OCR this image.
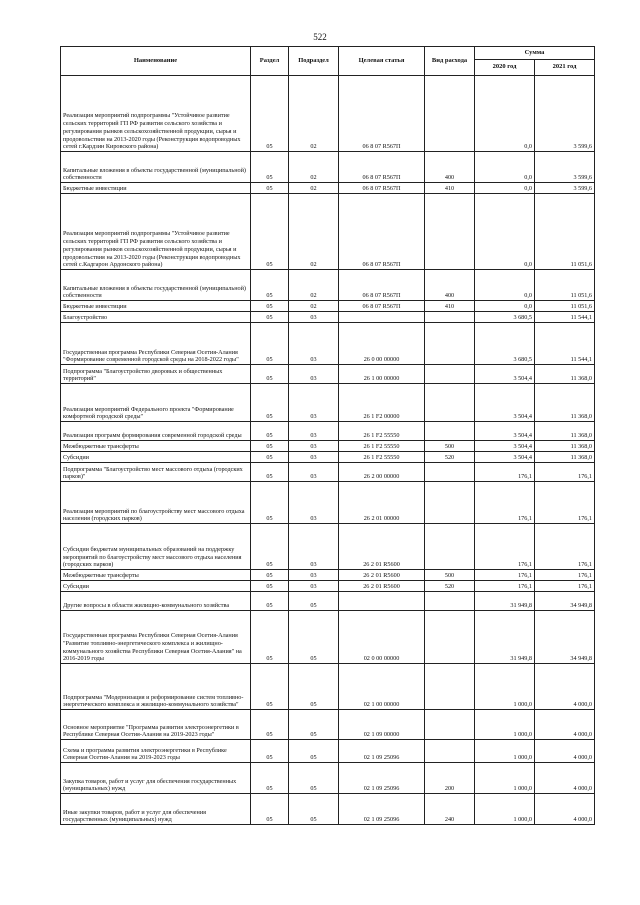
522
Наименование	Раздел	Подраздел	Целевая статья	Вид расхода	Сумма	
					2020 год	2021 год
Реализация мероприятий подпрограммы "Устойчивое развитие сельских территорий ГП РФ развития сельского хозяйства и регулирования рынков сельскохозяйственной продукции, сырья и продовольствия на 2013-2020 годы (Реконструкция водопроводных сетей г.Кардзин Кировского района)	05	02	06 8 07 R567П		0,0	3 599,6
Капитальные вложения в объекты государственной (муниципальной) собственности	05	02	06 8 07 R567П	400	0,0	3 599,6
Бюджетные инвестиции	05	02	06 8 07 R567П	410	0,0	3 599,6
Реализация мероприятий подпрограммы "Устойчивое развитие сельских территорий ГП РФ развития сельского хозяйства и регулирования рынков сельскохозяйственной продукции, сырья и продовольствия на 2013-2020 годы (Реконструкция водопроводных сетей с.Кадгарон Ардонского района)	05	02	06 8 07 R567П		0,0	11 051,6
Капитальные вложения в объекты государственной (муниципальной) собственности	05	02	06 8 07 R567П	400	0,0	11 051,6
Бюджетные инвестиции	05	02	06 8 07 R567П	410	0,0	11 051,6
Благоустройство	05	03			3 680,5	11 544,1
Государственная программа Республики Северная Осетия-Алания "Формирование современной городской среды на 2018-2022 годы"	05	03	26 0 00 00000		3 680,5	11 544,1
Подпрограмма "Благоустройство дворовых и общественных территорий"	05	03	26 1 00 00000		3 504,4	11 368,0
Реализация мероприятий Федерального проекта "Формирование комфортной городской среды"	05	03	26 1 F2 00000		3 504,4	11 368,0
Реализация программ формирования современной городской среды	05	03	26 1 F2 55550		3 504,4	11 368,0
Межбюджетные трансферты	05	03	26 1 F2 55550	500	3 504,4	11 368,0
Субсидии	05	03	26 1 F2 55550	520	3 504,4	11 368,0
Подпрограмма "Благоустройство мест массового отдыха (городских парков)"	05	03	26 2 00 00000		176,1	176,1
Реализация мероприятий по благоустройству мест массового отдыха населения (городских парков)	05	03	26 2 01 00000		176,1	176,1
Субсидии бюджетам муниципальных образований на поддержку мероприятий по благоустройству мест массового отдыха населения (городских парков)	05	03	26 2 01 R5600		176,1	176,1
Межбюджетные трансферты	05	03	26 2 01 R5600	500	176,1	176,1
Субсидии	05	03	26 2 01 R5600	520	176,1	176,1
Другие вопросы в области жилищно-коммунального хозяйства	05	05			31 949,8	34 949,8
Государственная программа Республики Северная Осетия-Алания "Развитие топливно-энергетического комплекса и жилищно-коммунального хозяйства Республики Северная Осетия-Алания" на 2016-2019 годы	05	05	02 0 00 00000		31 949,8	34 949,8
Подпрограмма "Модернизация и реформирование систем топливно-энергетического комплекса и жилищно-коммунального хозяйства"	05	05	02 1 00 00000		1 000,0	4 000,0
Основное мероприятие "Программа развития электроэнергетики в Республике Северная Осетия-Алания на 2019-2023 годы"	05	05	02 1 09 00000		1 000,0	4 000,0
Схема и программа развития электроэнергетики в Республике Северная Осетия-Алания на 2019-2023 годы	05	05	02 1 09 25096		1 000,0	4 000,0
Закупка товаров, работ и услуг для обеспечения государственных (муниципальных) нужд	05	05	02 1 09 25096	200	1 000,0	4 000,0
Иные закупки товаров, работ и услуг для обеспечения государственных (муниципальных) нужд	05	05	02 1 09 25096	240	1 000,0	4 000,0
